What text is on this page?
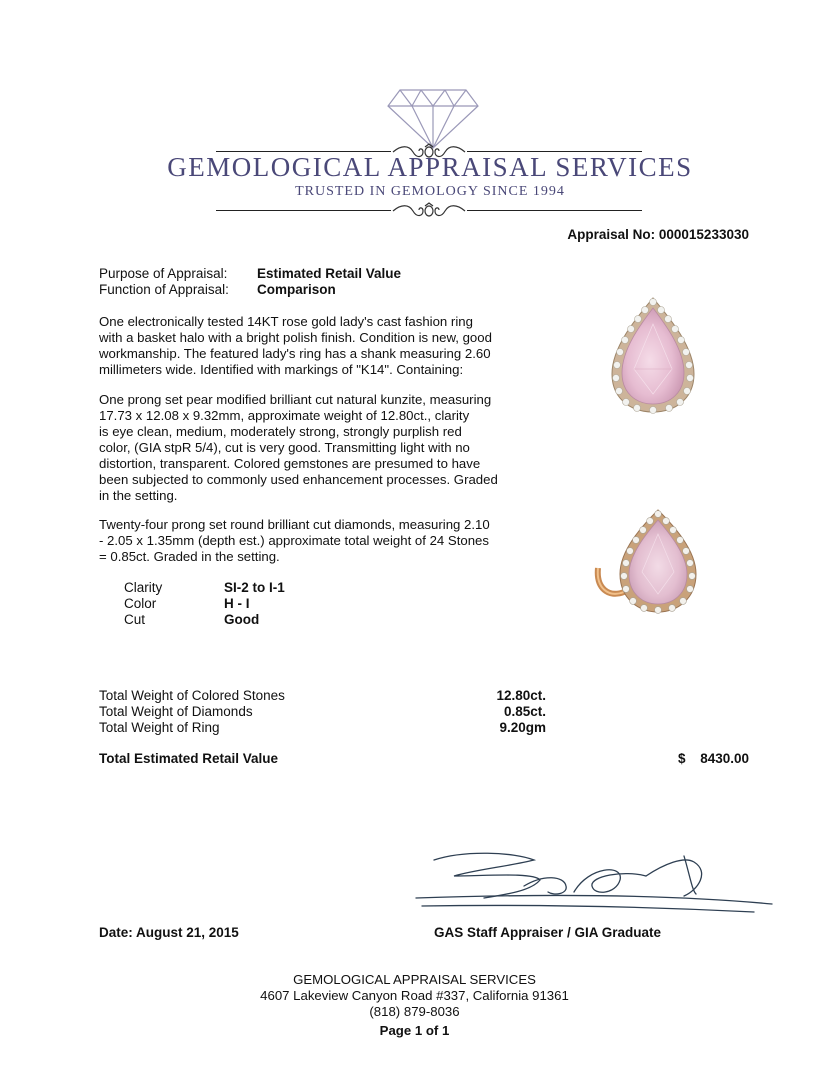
GEMOLOGICAL APPRAISAL SERVICES
TRUSTED IN GEMOLOGY SINCE 1994
Appraisal No: 000015233030
Purpose of Appraisal: Estimated Retail Value
Function of Appraisal: Comparison
One electronically tested 14KT rose gold lady's cast fashion ring
with a basket halo with a bright polish finish. Condition is new, good
workmanship. The featured lady's ring has a shank measuring 2.60
millimeters wide. Identified with markings of "K14". Containing:
One prong set pear modified brilliant cut natural kunzite, measuring
17.73 x 12.08 x 9.32mm, approximate weight of 12.80ct., clarity
is eye clean, medium, moderately strong, strongly purplish red
color, (GIA stpR 5/4), cut is very good. Transmitting light with no
distortion, transparent. Colored gemstones are presumed to have
been subjected to commonly used enhancement processes. Graded
in the setting.
Twenty-four prong set round brilliant cut diamonds, measuring 2.10
- 2.05 x 1.35mm (depth est.) approximate total weight of 24 Stones
= 0.85ct. Graded in the setting.
Clarity	SI-2 to I-1
Color	H - I
Cut	Good
Total Weight of Colored Stones	12.80ct.
Total Weight of Diamonds	0.85ct.
Total Weight of Ring	9.20gm
Total Estimated Retail Value	$ 8430.00
Date: August 21, 2015	GAS Staff Appraiser / GIA Graduate
GEMOLOGICAL APPRAISAL SERVICES
4607 Lakeview Canyon Road #337, California 91361
(818) 879-8036
Page 1 of 1
